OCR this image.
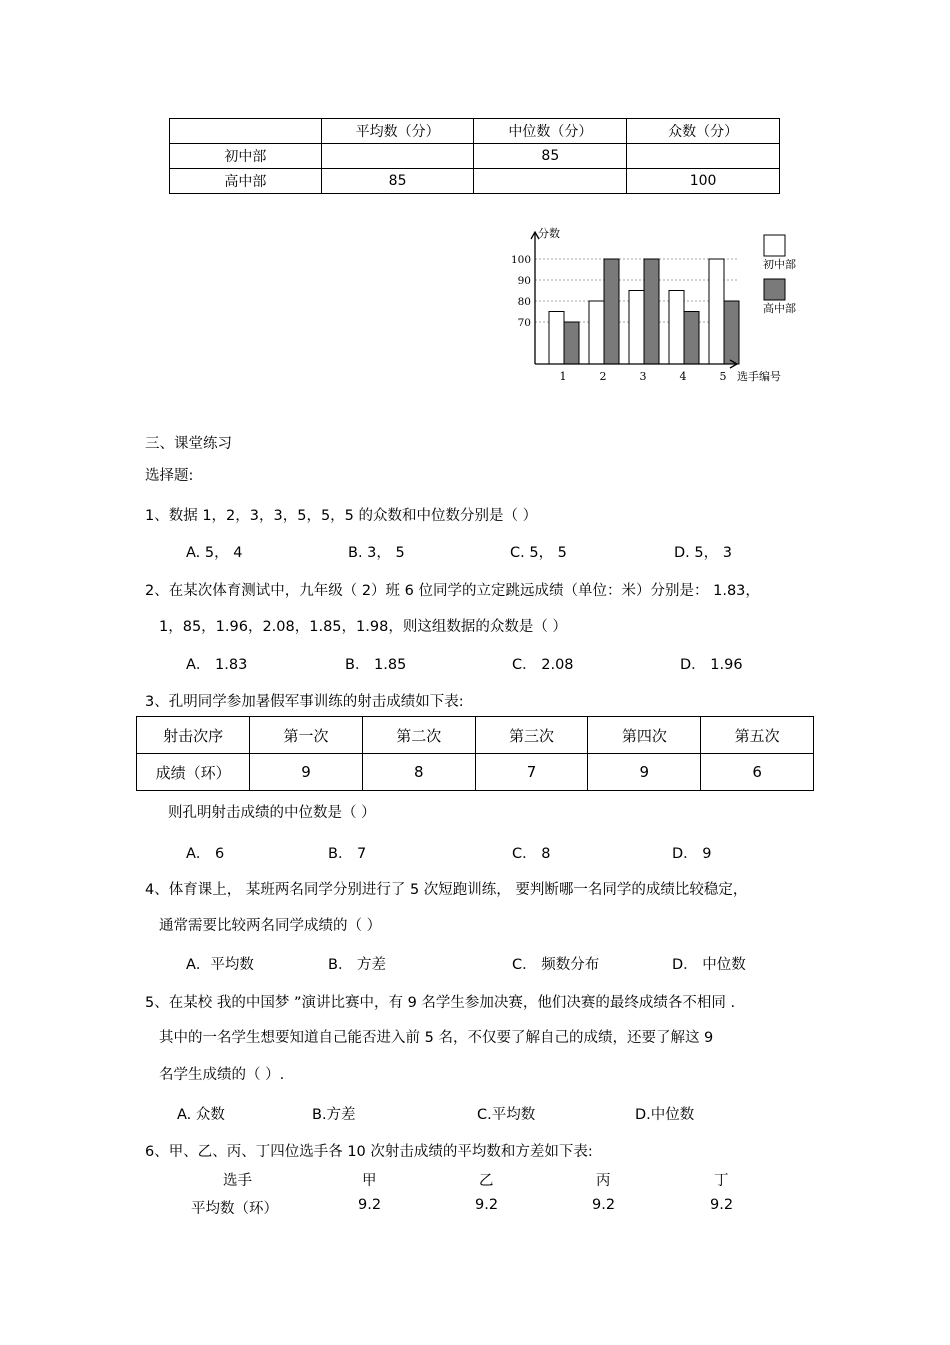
	平均数（分）	中位数（分）	众数（分）
初中部		85	
高中部	85		100
70
80
90
100
1	2	3	4	5
分数
选手编号
初中部
高中部
三、课堂练习
选择题:
1、数据 1，2，3，3，5，5，5 的众数和中位数分别是（ ）
A. 5， 4	B. 3， 5	C. 5， 5	D. 5， 3
2、在某次体育测试中，九年级（ 2）班 6 位同学的立定跳远成绩（单位：米）分别是： 1.83，
1，85，1.96，2.08，1.85，1.98，则这组数据的众数是（ ）
A． 1.83	B． 1.85	C． 2.08	D． 1.96
3、孔明同学参加暑假军事训练的射击成绩如下表:
射击次序	第一次	第二次	第三次	第四次	第五次
成绩（环）	9	8	7	9	6
则孔明射击成绩的中位数是（ ）
A． 6	B． 7	C． 8	D． 9
4、体育课上， 某班两名同学分别进行了 5 次短跑训练， 要判断哪一名同学的成绩比较稳定，
通常需要比较两名同学成绩的（ ）
A．平均数	B． 方差	C． 频数分布	D． 中位数
5、在某校 我的中国梦 ”演讲比赛中，有 9 名学生参加决赛，他们决赛的最终成绩各不相同 .
其中的一名学生想要知道自己能否进入前 5 名，不仅要了解自己的成绩，还要了解这 9
名学生成绩的（ ）.
A. 众数	B.方差	C.平均数	D.中位数
6、甲、乙、丙、丁四位选手各 10 次射击成绩的平均数和方差如下表:
选手	甲	乙	丙	丁
平均数（环）	9.2	9.2	9.2	9.2
